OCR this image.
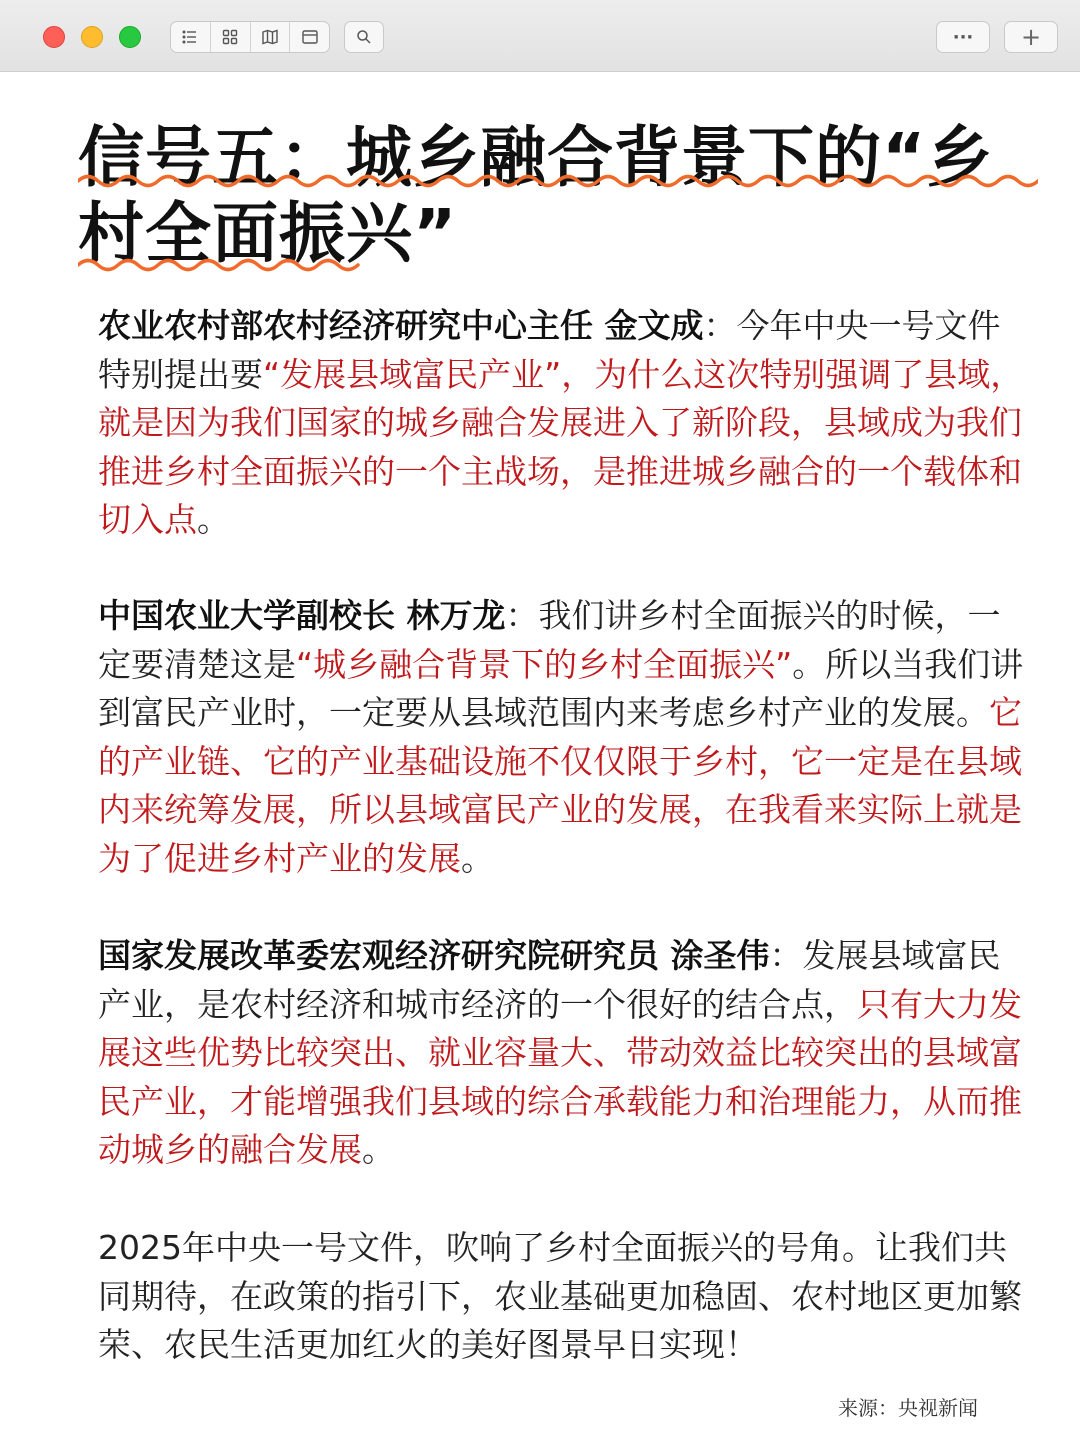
··· +
信号五：城乡融合背景下的“乡村全面振兴”

农业农村部农村经济研究中心主任 金文成：今年中央一号文件特别提出要“发展县域富民产业”，为什么这次特别强调了县域，就是因为我们国家的城乡融合发展进入了新阶段，县域成为我们推进乡村全面振兴的一个主战场，是推进城乡融合的一个载体和切入点。

中国农业大学副校长 林万龙：我们讲乡村全面振兴的时候，一定要清楚这是“城乡融合背景下的乡村全面振兴”。所以当我们讲到富民产业时，一定要从县域范围内来考虑乡村产业的发展。它的产业链、它的产业基础设施不仅仅限于乡村，它一定是在县域内来统筹发展，所以县域富民产业的发展，在我看来实际上就是为了促进乡村产业的发展。

国家发展改革委宏观经济研究院研究员 涂圣伟：发展县域富民产业，是农村经济和城市经济的一个很好的结合点，只有大力发展这些优势比较突出、就业容量大、带动效益比较突出的县域富民产业，才能增强我们县域的综合承载能力和治理能力，从而推动城乡的融合发展。

2025年中央一号文件，吹响了乡村全面振兴的号角。让我们共同期待，在政策的指引下，农业基础更加稳固、农村地区更加繁荣、农民生活更加红火的美好图景早日实现！

来源：央视新闻
